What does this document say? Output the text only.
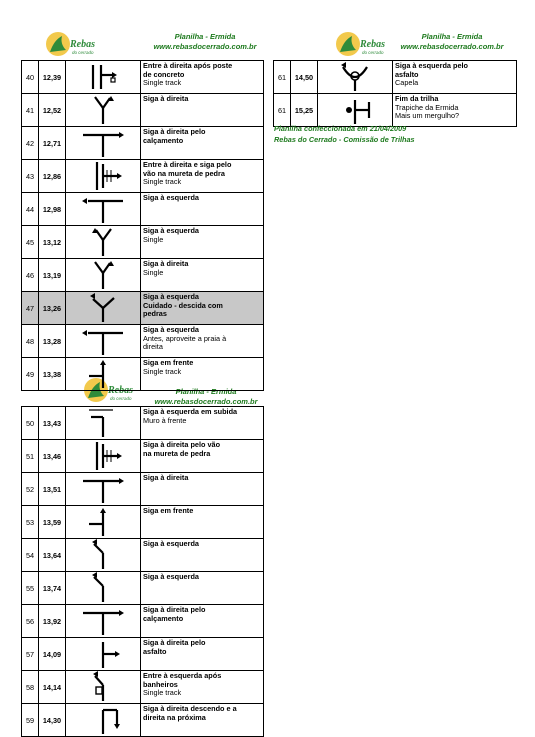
Rebas
do cerrado
Planilha - Ermida
www.rebasdocerrado.com.br	Rebas
do cerrado
Planilha - Ermida
www.rebasdocerrado.com.br
Rebas
do cerrado
Planilha - Ermida
www.rebasdocerrado.com.br
40	12,39		Entre à direita após poste
de concreto
Single track

41	12,52		Siga à direita

42	12,71		Siga à direita pelo
calçamento

43	12,86		Entre à direita e siga pelo
vão na mureta de pedra
Single track

44	12,98		Siga à esquerda

45	13,12		Siga à esquerda
Single

46	13,19		Siga à direita
Single

47	13,26		Siga à esquerda
Cuidado - descida com
pedras

48	13,28		Siga à esquerda
Antes, aproveite a praia à
direita

49	13,38		Siga em frente
Single track
61	14,50		Siga à esquerda pelo
asfalto
Capela

61	15,25		Fim da trilha
Trapiche da Ermida
Mais um mergulho?
Planilha confeccionada em 21/04/2009
Rebas do Cerrado - Comissão de Trilhas
50	13,43		Siga à esquerda em subida
Muro à frente

51	13,46		Siga à direita pelo vão
na mureta de pedra

52	13,51		Siga à direita

53	13,59		Siga em frente

54	13,64		Siga à esquerda

55	13,74		Siga à esquerda

56	13,92		Siga à direita pelo
calçamento

57	14,09		Siga à direita pelo
asfalto

58	14,14		Entre à esquerda após
banheiros
Single track

59	14,30		Siga à direita descendo e a
direita na próxima
